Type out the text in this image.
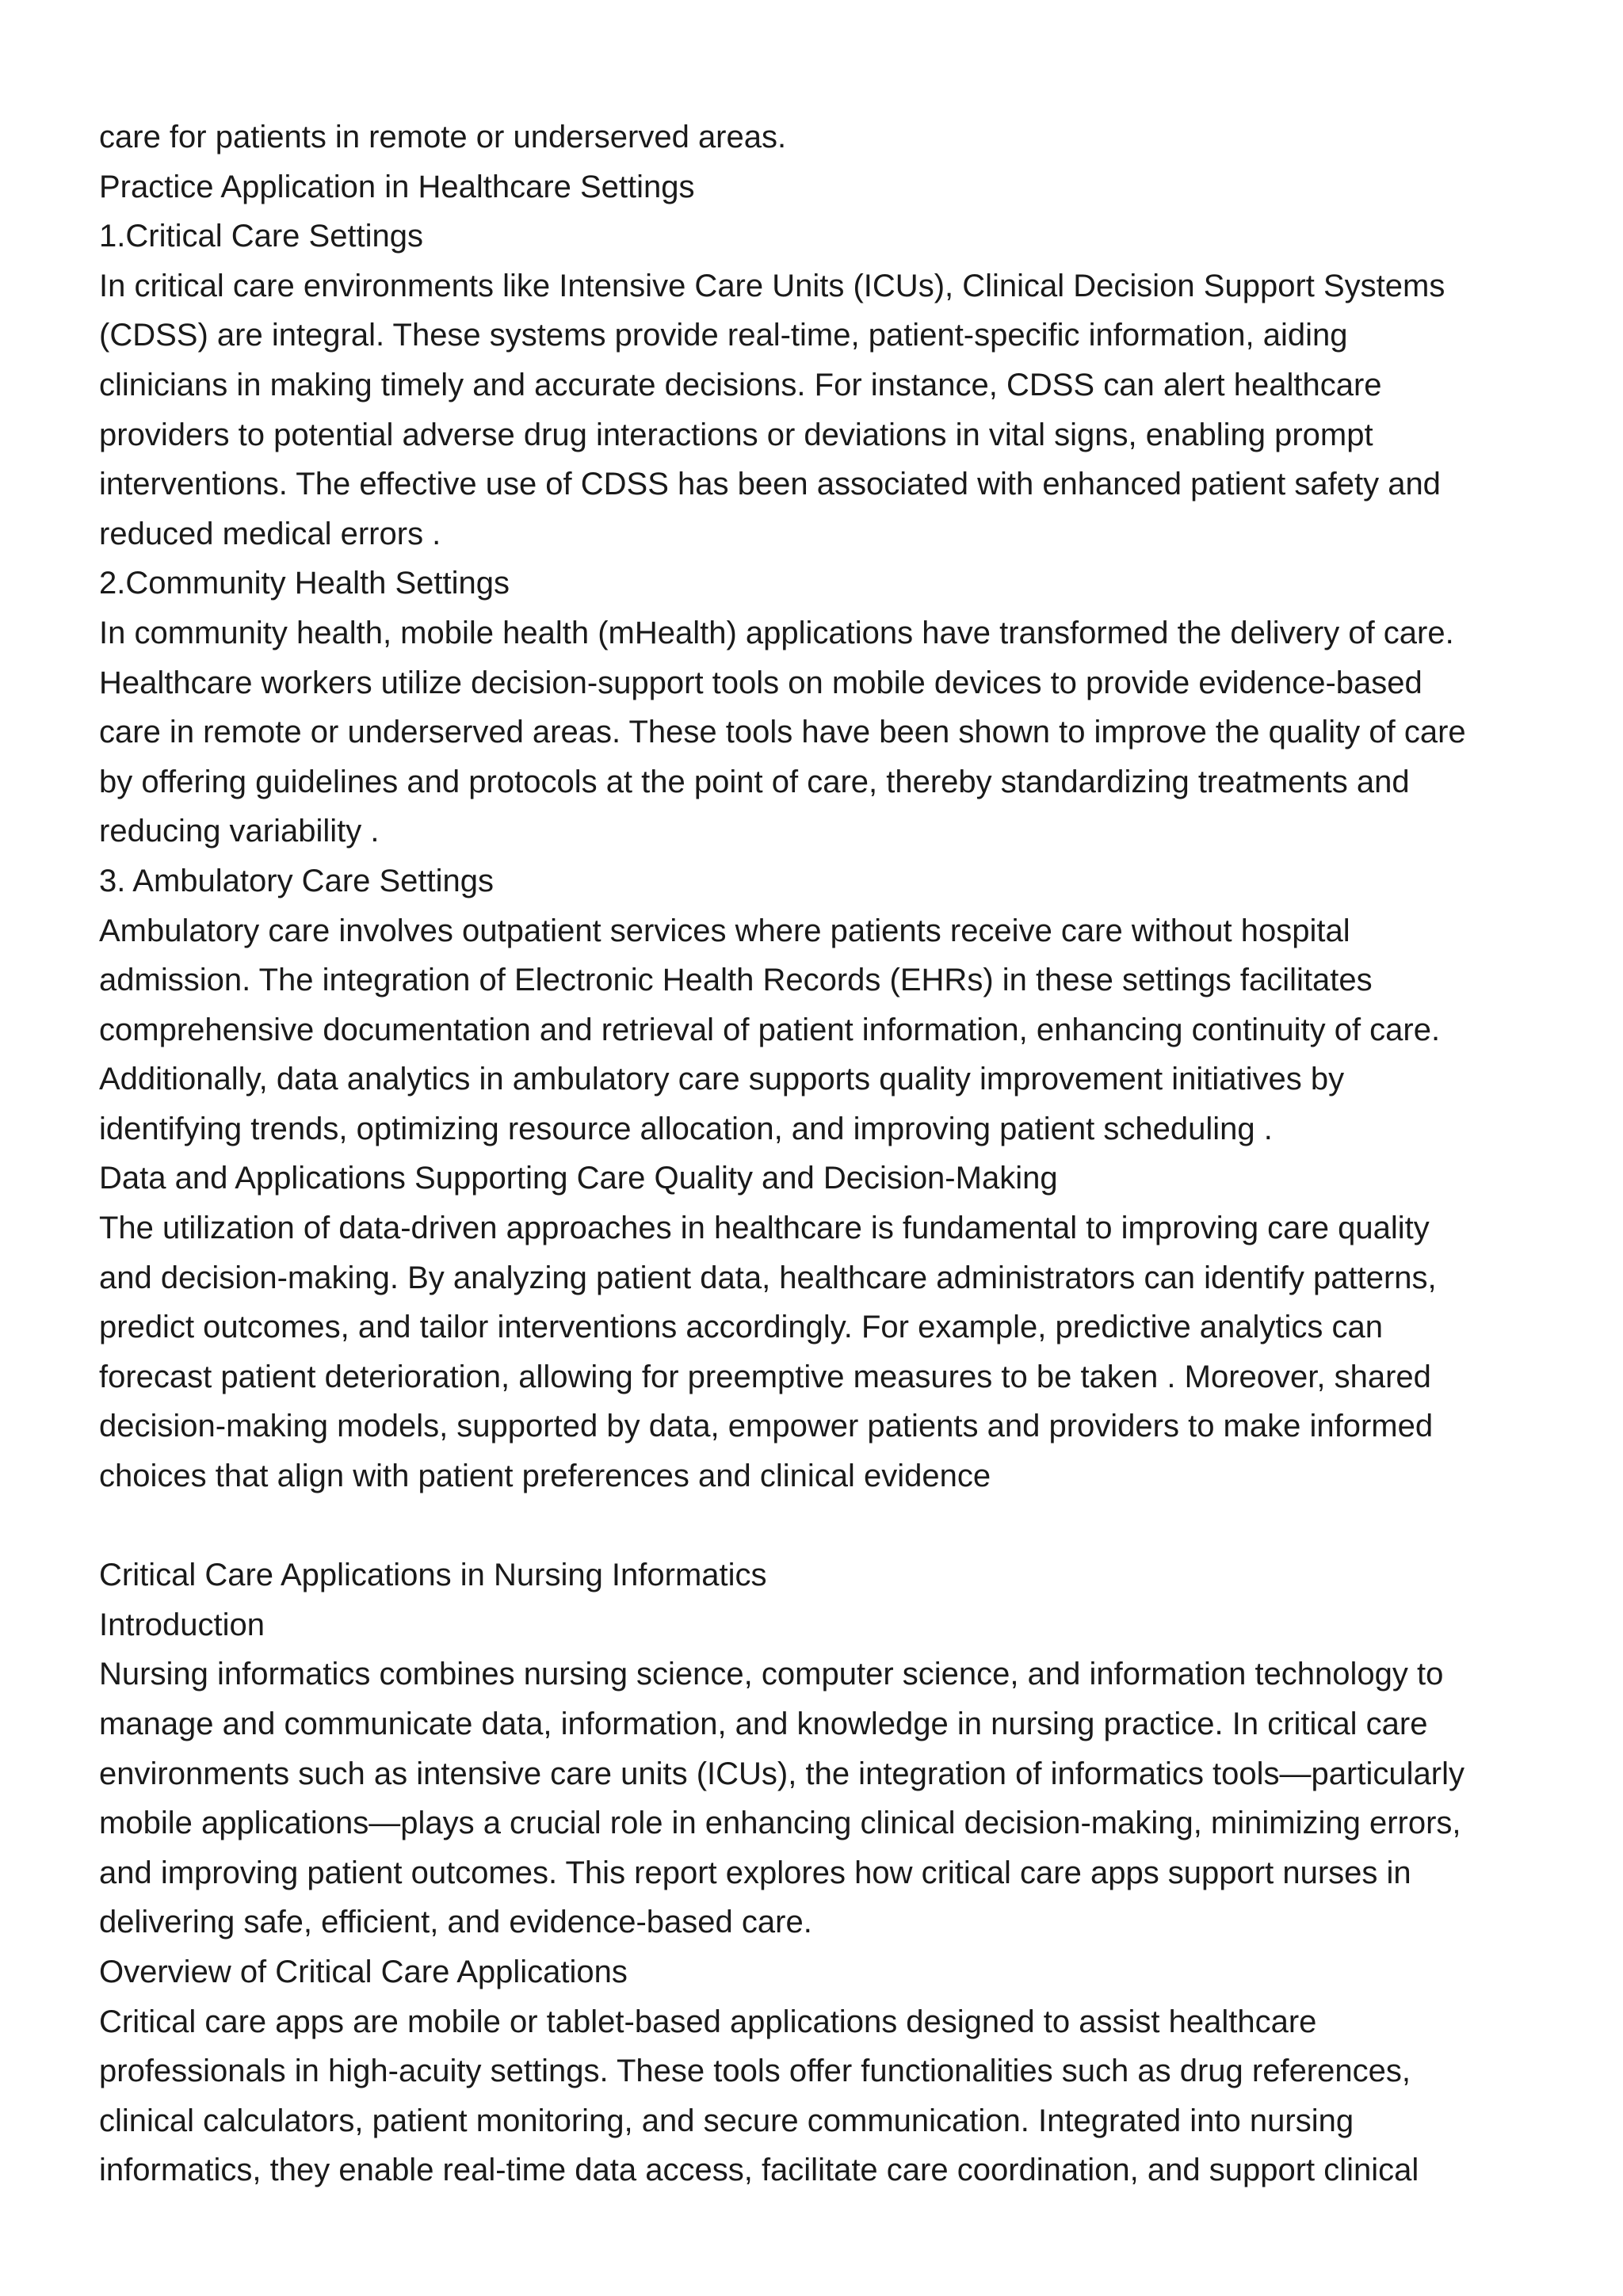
care for patients in remote or underserved areas.
Practice Application in Healthcare Settings
1.Critical Care Settings
In critical care environments like Intensive Care Units (ICUs), Clinical Decision Support Systems
(CDSS) are integral. These systems provide real-time, patient-specific information, aiding
clinicians in making timely and accurate decisions. For instance, CDSS can alert healthcare
providers to potential adverse drug interactions or deviations in vital signs, enabling prompt
interventions. The effective use of CDSS has been associated with enhanced patient safety and
reduced medical errors .
2.Community Health Settings
In community health, mobile health (mHealth) applications have transformed the delivery of care.
Healthcare workers utilize decision-support tools on mobile devices to provide evidence-based
care in remote or underserved areas. These tools have been shown to improve the quality of care
by offering guidelines and protocols at the point of care, thereby standardizing treatments and
reducing variability .
3. Ambulatory Care Settings
Ambulatory care involves outpatient services where patients receive care without hospital
admission. The integration of Electronic Health Records (EHRs) in these settings facilitates
comprehensive documentation and retrieval of patient information, enhancing continuity of care.
Additionally, data analytics in ambulatory care supports quality improvement initiatives by
identifying trends, optimizing resource allocation, and improving patient scheduling .
Data and Applications Supporting Care Quality and Decision-Making
The utilization of data-driven approaches in healthcare is fundamental to improving care quality
and decision-making. By analyzing patient data, healthcare administrators can identify patterns,
predict outcomes, and tailor interventions accordingly. For example, predictive analytics can
forecast patient deterioration, allowing for preemptive measures to be taken . Moreover, shared
decision-making models, supported by data, empower patients and providers to make informed
choices that align with patient preferences and clinical evidence
Critical Care Applications in Nursing Informatics
Introduction
Nursing informatics combines nursing science, computer science, and information technology to
manage and communicate data, information, and knowledge in nursing practice. In critical care
environments such as intensive care units (ICUs), the integration of informatics tools—particularly
mobile applications—plays a crucial role in enhancing clinical decision-making, minimizing errors,
and improving patient outcomes. This report explores how critical care apps support nurses in
delivering safe, efficient, and evidence-based care.
Overview of Critical Care Applications
Critical care apps are mobile or tablet-based applications designed to assist healthcare
professionals in high-acuity settings. These tools offer functionalities such as drug references,
clinical calculators, patient monitoring, and secure communication. Integrated into nursing
informatics, they enable real-time data access, facilitate care coordination, and support clinical
